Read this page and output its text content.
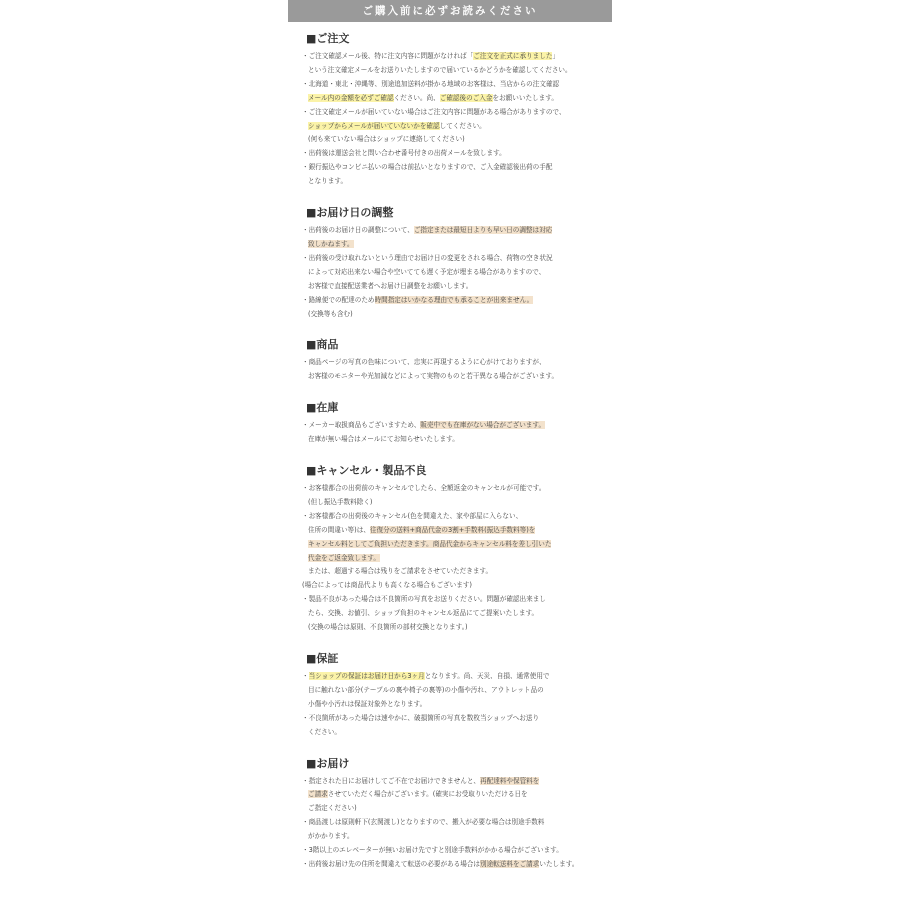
ご購入前に必ずお読みください
■ご注文
・ご注文確認メール後、特に注文内容に問題がなければ「ご注文を正式に承りました」
という注文確定メールをお送りいたしますので届いているかどうかを確認してください。
・北海道・東北・沖縄等、別途追加送料が掛かる地域のお客様は、当店からの注文確認
メール内の金額を必ずご確認ください。尚、ご確認後のご入金をお願いいたします。
・ご注文確定メールが届いていない場合はご注文内容に問題がある場合がありますので、
ショップからメールが届いていないかを確認してください。
(何も来ていない場合はショップに連絡してください)
・出荷後は運送会社と問い合わせ番号付きの出荷メールを致します。
・銀行振込やコンビニ払いの場合は前払いとなりますので、ご入金確認後出荷の手配
となります。
■お届け日の調整
・出荷後のお届け日の調整について、ご指定または最短日よりも早い日の調整は対応
致しかねます。
・出荷後の受け取れないという理由でお届け日の変更をされる場合、荷物の空き状況
によって対応出来ない場合や空いてても遅く予定が埋まる場合がありますので、
お客様で直接配送業者へお届け日調整をお願いします。
・路線便での配達のため時間指定はいかなる理由でも承ることが出来ません。
(交換等も含む)
■商品
・商品ページの写真の色味について、忠実に再現するように心がけておりますが、
お客様のモニターや光加減などによって実物のものと若干異なる場合がございます。
■在庫
・メーカー取扱商品もございますため、販売中でも在庫がない場合がございます。
在庫が無い場合はメールにてお知らせいたします。
■キャンセル・製品不良
・お客様都合の出荷前のキャンセルでしたら、全額返金のキャンセルが可能です。
(但し振込手数料除く)
・お客様都合の出荷後のキャンセル(色を間違えた、家や部屋に入らない、
住所の間違い等)は、往復分の送料+商品代金の3割+手数料(振込手数料等)を
キャンセル料としてご負担いただきます。商品代金からキャンセル料を差し引いた
代金をご返金致します。
または、超過する場合は残りをご請求をさせていただきます。
(場合によっては商品代よりも高くなる場合もございます)
・製品不良があった場合は不良箇所の写真をお送りください。問題が確認出来まし
たら、交換、お値引、ショップ負担のキャンセル返品にてご提案いたします。
(交換の場合は原則、不良箇所の部材交換となります。)
■保証
・当ショップの保証はお届け日から3ヶ月となります。尚、天災、自損、通常使用で
目に触れない部分(テーブルの裏や椅子の裏等)の小傷や汚れ、アウトレット品の
小傷や小汚れは保証対象外となります。
・不良箇所があった場合は速やかに、破損箇所の写真を数枚当ショップへお送り
ください。
■お届け
・指定された日にお届けしてご不在でお届けできませんと、再配達料や保管料を
ご請求させていただく場合がございます。(確実にお受取りいただける日を
ご指定ください)
・商品渡しは原則軒下(玄関渡し)となりますので、搬入が必要な場合は別途手数料
がかかります。
・3階以上のエレベーターが無いお届け先ですと別途手数料がかかる場合がございます。
・出荷後お届け先の住所を間違えて転送の必要がある場合は別途転送料をご請求いたします。
